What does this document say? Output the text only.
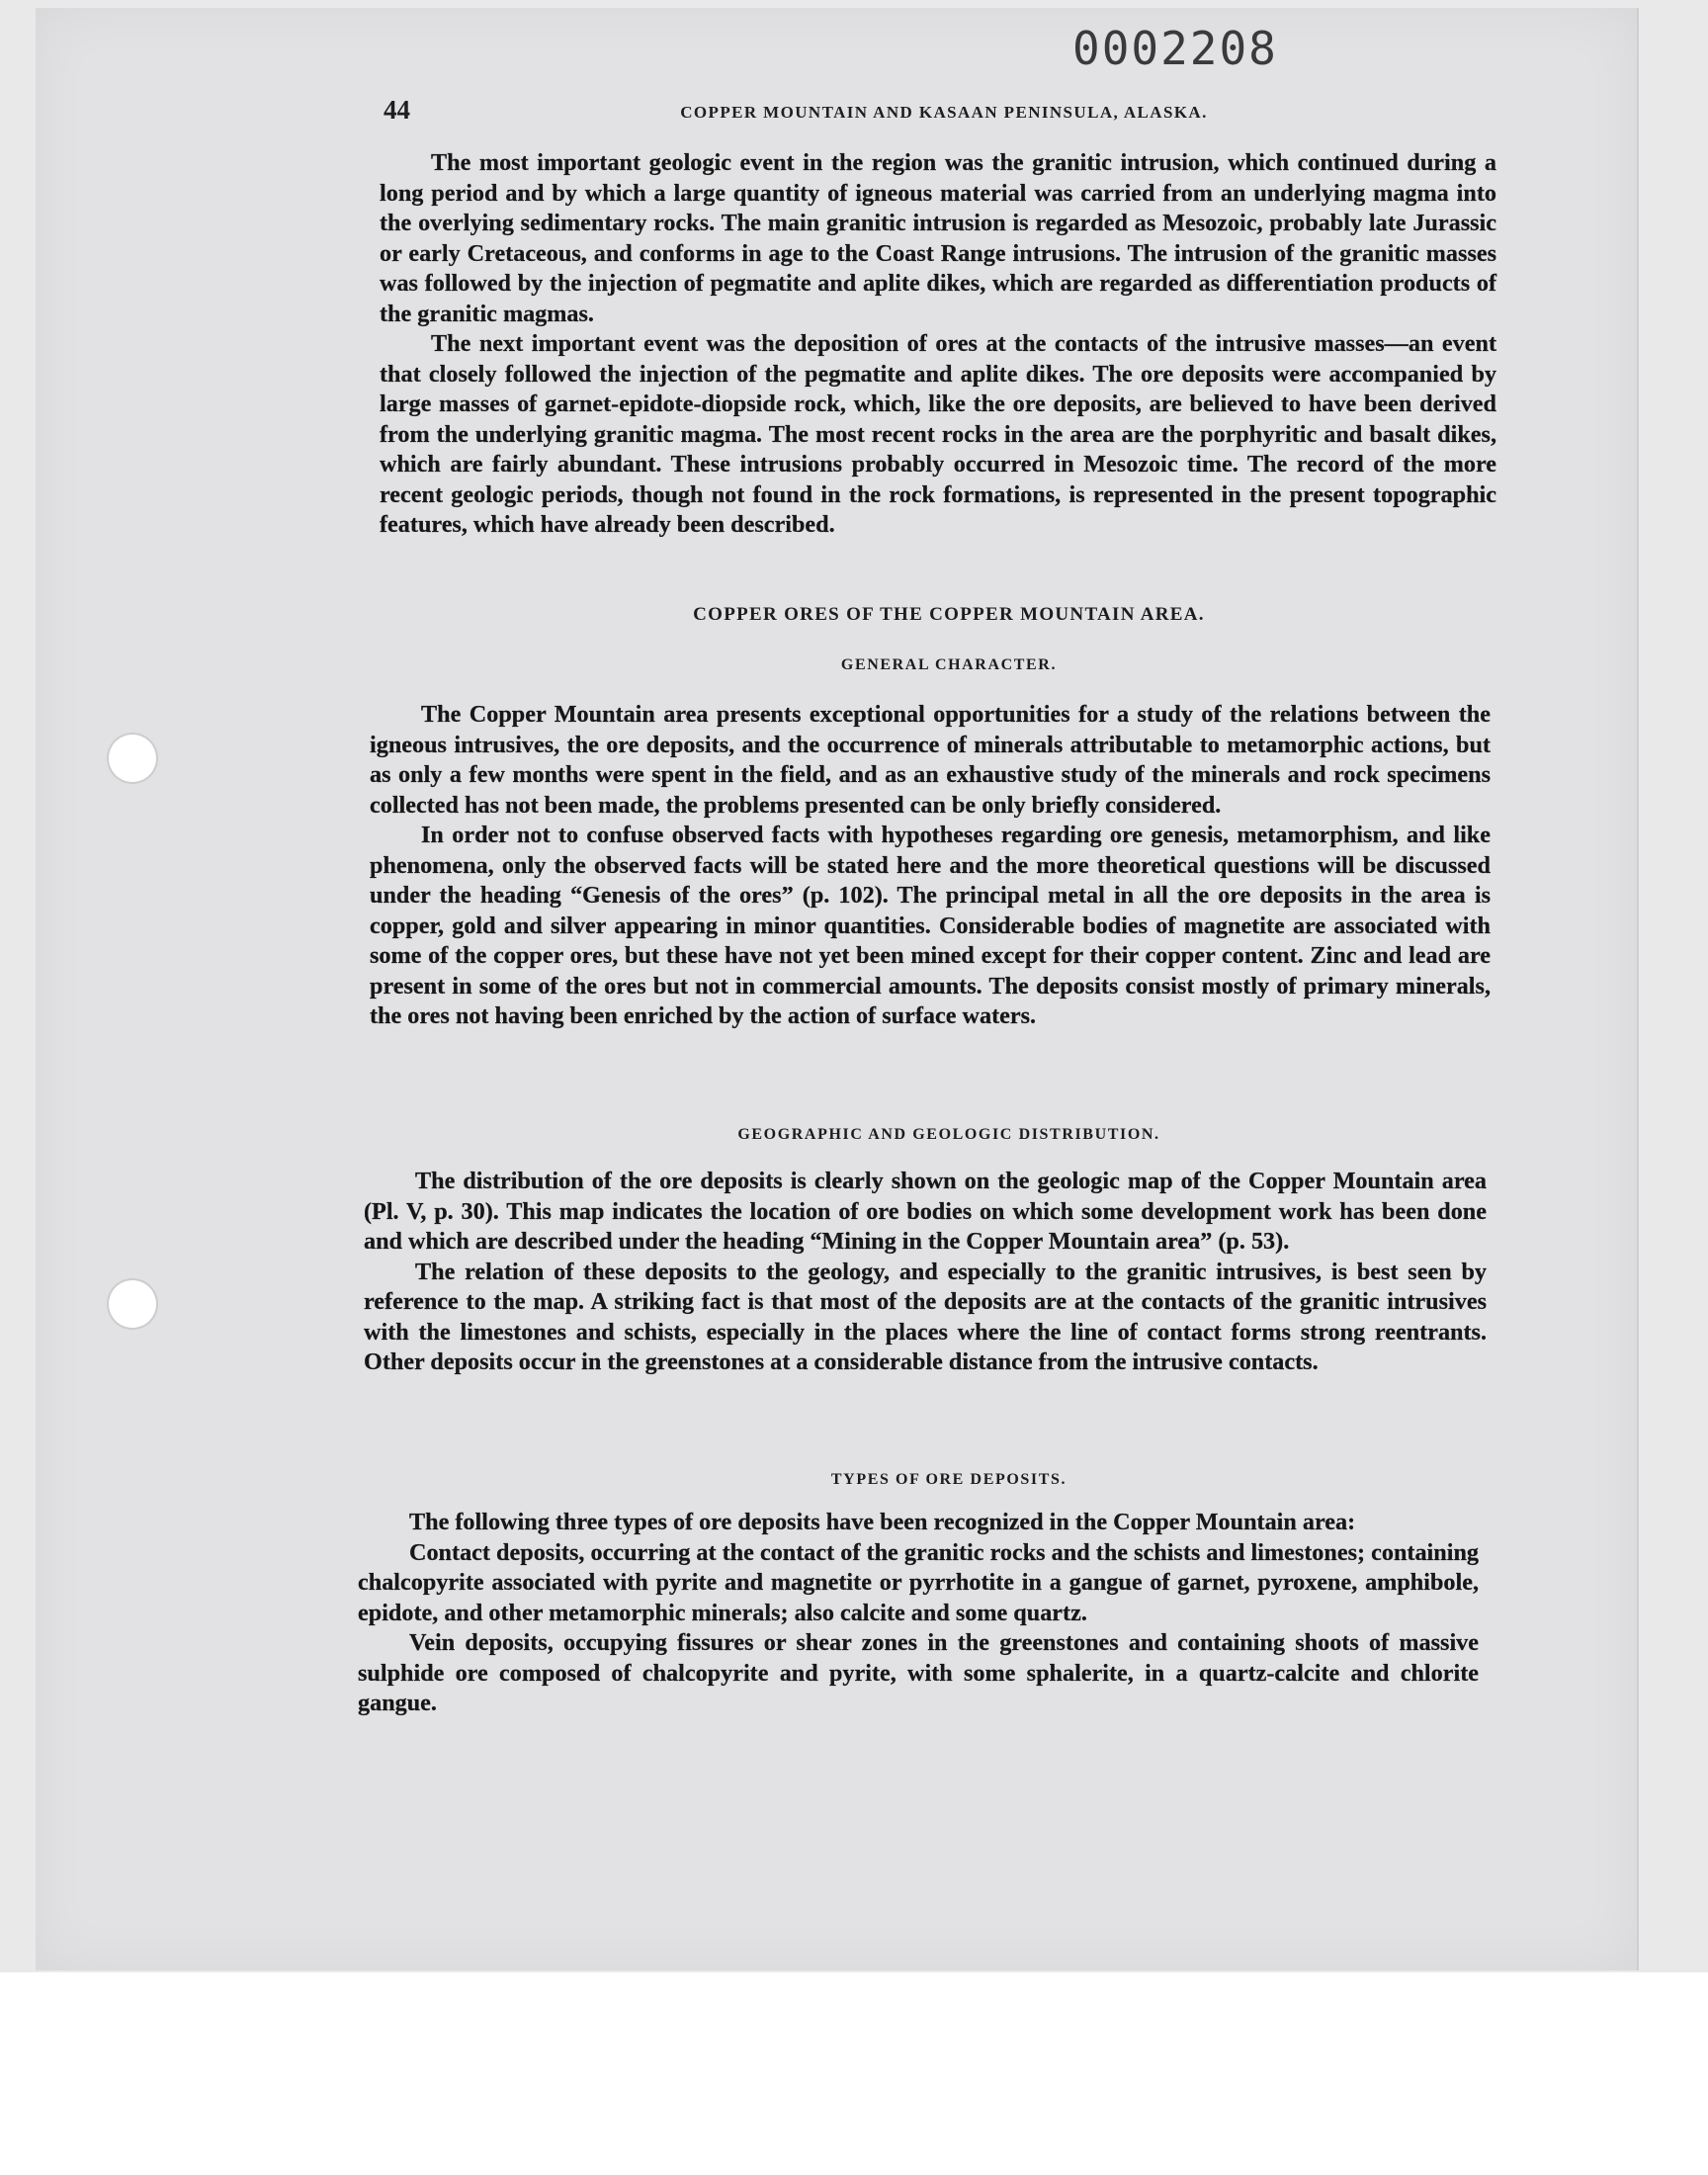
0002208
44	COPPER MOUNTAIN AND KASAAN PENINSULA, ALASKA.

The most important geologic event in the region was the granitic intrusion, which continued during a long period and by which a large quantity of igneous material was carried from an underlying magma into the overlying sedimentary rocks. The main granitic intrusion is regarded as Mesozoic, probably late Jurassic or early Cretaceous, and conforms in age to the Coast Range intrusions. The intrusion of the granitic masses was followed by the injection of pegmatite and aplite dikes, which are regarded as differentiation products of the granitic magmas.

The next important event was the deposition of ores at the contacts of the intrusive masses—an event that closely followed the injection of the pegmatite and aplite dikes. The ore deposits were accompanied by large masses of garnet-epidote-diopside rock, which, like the ore deposits, are believed to have been derived from the underlying granitic magma. The most recent rocks in the area are the porphyritic and basalt dikes, which are fairly abundant. These intrusions probably occurred in Mesozoic time. The record of the more recent geologic periods, though not found in the rock formations, is represented in the present topographic features, which have already been described.

COPPER ORES OF THE COPPER MOUNTAIN AREA.
GENERAL CHARACTER.

The Copper Mountain area presents exceptional opportunities for a study of the relations between the igneous intrusives, the ore deposits, and the occurrence of minerals attributable to metamorphic actions, but as only a few months were spent in the field, and as an exhaustive study of the minerals and rock specimens collected has not been made, the problems presented can be only briefly considered.

In order not to confuse observed facts with hypotheses regarding ore genesis, metamorphism, and like phenomena, only the observed facts will be stated here and the more theoretical questions will be discussed under the heading “Genesis of the ores” (p. 102). The principal metal in all the ore deposits in the area is copper, gold and silver appearing in minor quantities. Considerable bodies of magnetite are associated with some of the copper ores, but these have not yet been mined except for their copper content. Zinc and lead are present in some of the ores but not in commercial amounts. The deposits consist mostly of primary minerals, the ores not having been enriched by the action of surface waters.

GEOGRAPHIC AND GEOLOGIC DISTRIBUTION.

The distribution of the ore deposits is clearly shown on the geologic map of the Copper Mountain area (Pl. V, p. 30). This map indicates the location of ore bodies on which some development work has been done and which are described under the heading “Mining in the Copper Mountain area” (p. 53).

The relation of these deposits to the geology, and especially to the granitic intrusives, is best seen by reference to the map. A striking fact is that most of the deposits are at the contacts of the granitic intrusives with the limestones and schists, especially in the places where the line of contact forms strong reentrants. Other deposits occur in the greenstones at a considerable distance from the intrusive contacts.

TYPES OF ORE DEPOSITS.

The following three types of ore deposits have been recognized in the Copper Mountain area:

Contact deposits, occurring at the contact of the granitic rocks and the schists and limestones; containing chalcopyrite associated with pyrite and magnetite or pyrrhotite in a gangue of garnet, pyroxene, amphibole, epidote, and other metamorphic minerals; also calcite and some quartz.

Vein deposits, occupying fissures or shear zones in the greenstones and containing shoots of massive sulphide ore composed of chalcopyrite and pyrite, with some sphalerite, in a quartz-calcite and chlorite gangue.
